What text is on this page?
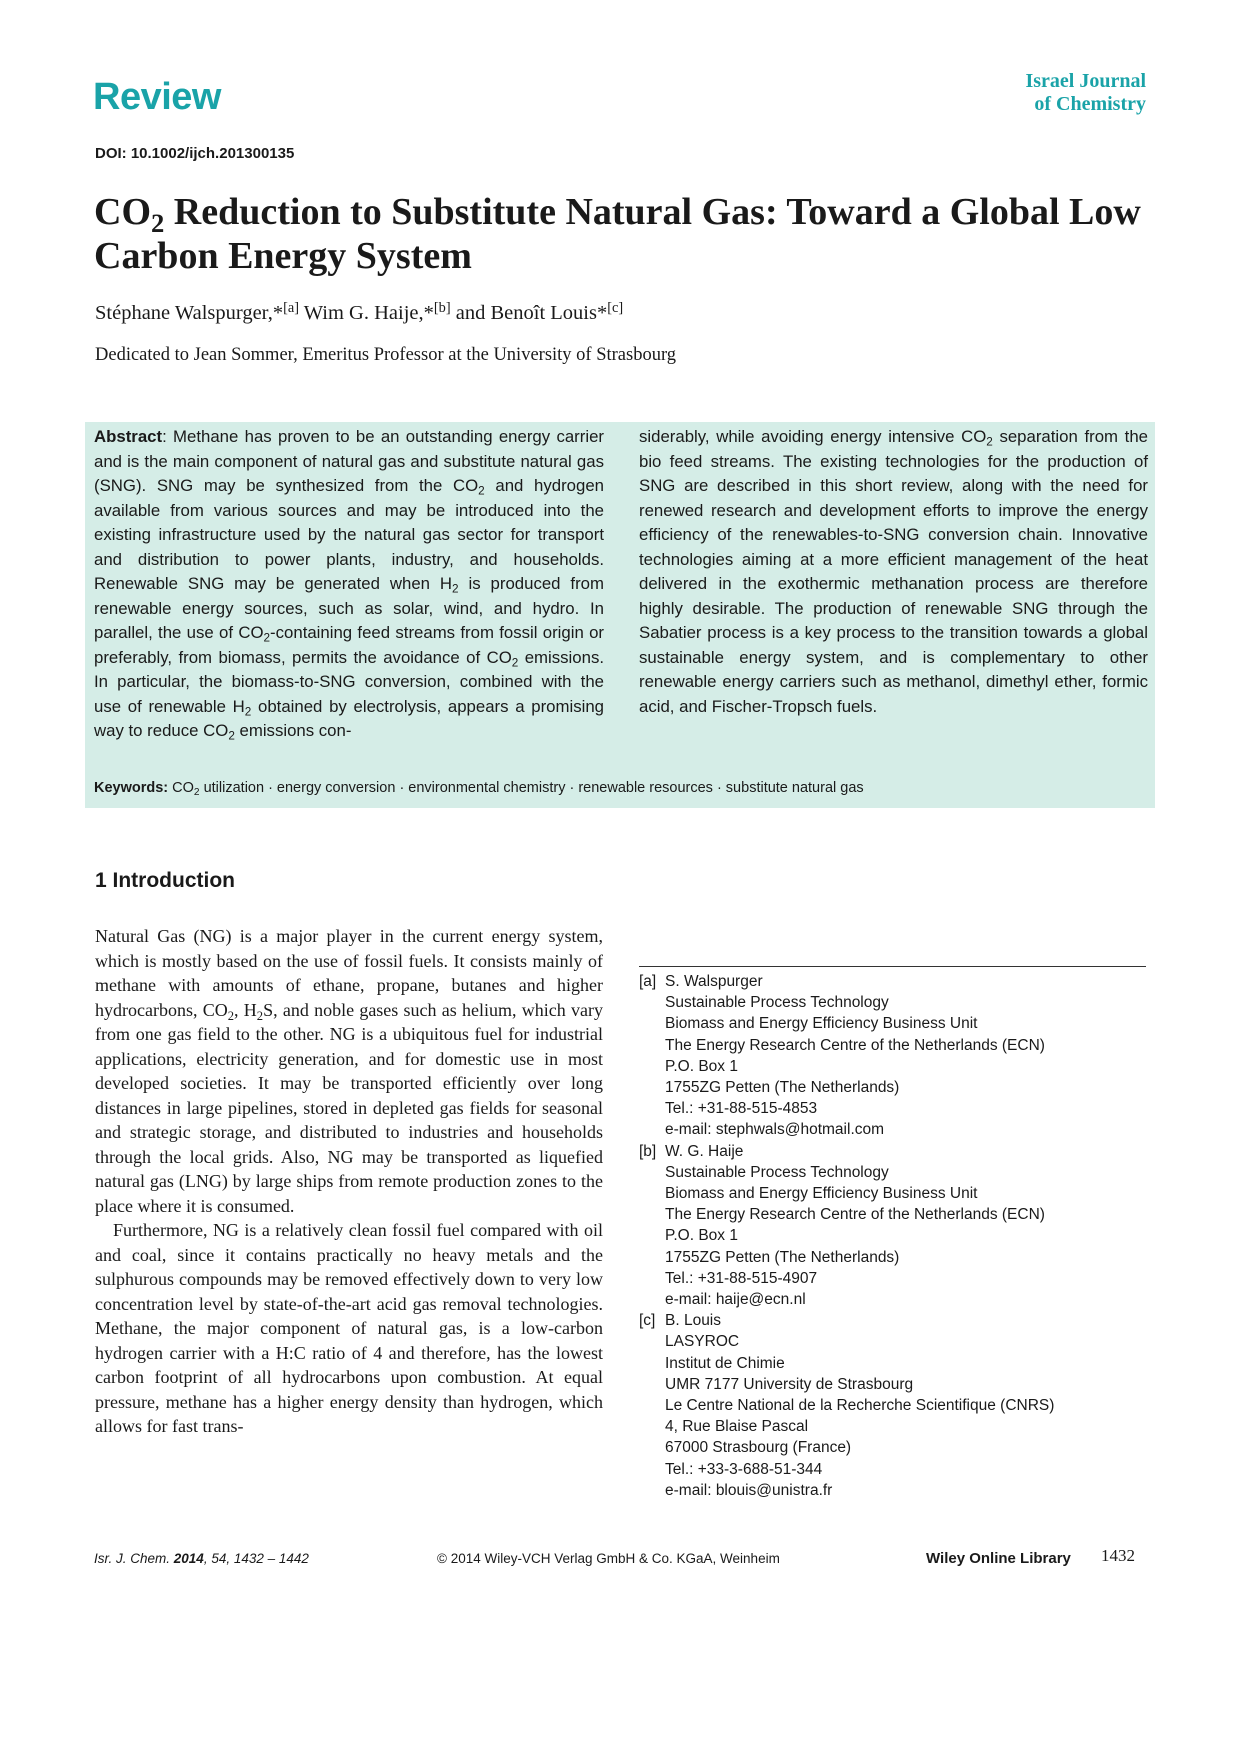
Review	Israel Journal
of Chemistry
DOI: 10.1002/ijch.201300135
$CO_2$ Reduction to Substitute Natural Gas: Toward a Global Low Carbon Energy System
Stéphane Walspurger,*[a] Wim G. Haije,*[b] and Benoît Louis*[c]
Dedicated to Jean Sommer, Emeritus Professor at the University of Strasbourg
Abstract: Methane has proven to be an outstanding energy carrier and is the main component of natural gas and substitute natural gas (SNG). SNG may be synthesized from the $CO_2$ and hydrogen available from various sources and may be introduced into the existing infrastructure used by the natural gas sector for transport and distribution to power plants, industry, and households. Renewable SNG may be generated when $H_2$ is produced from renewable energy sources, such as solar, wind, and hydro. In parallel, the use of $CO_2$-containing feed streams from fossil origin or preferably, from biomass, permits the avoidance of $CO_2$ emissions. In particular, the biomass-to-SNG conversion, combined with the use of renewable $H_2$ obtained by electrolysis, appears a promising way to reduce $CO_2$ emissions con-
siderably, while avoiding energy intensive $CO_2$ separation from the bio feed streams. The existing technologies for the production of SNG are described in this short review, along with the need for renewed research and development efforts to improve the energy efficiency of the renewables-to-SNG conversion chain. Innovative technologies aiming at a more efficient management of the heat delivered in the exothermic methanation process are therefore highly desirable. The production of renewable SNG through the Sabatier process is a key process to the transition towards a global sustainable energy system, and is complementary to other renewable energy carriers such as methanol, dimethyl ether, formic acid, and Fischer-Tropsch fuels.
Keywords: $CO_2$ utilization · energy conversion · environmental chemistry · renewable resources · substitute natural gas
1 Introduction

Natural Gas (NG) is a major player in the current energy system, which is mostly based on the use of fossil fuels. It consists mainly of methane with amounts of ethane, propane, butanes and higher hydrocarbons, $CO_2$, $H_2S$, and noble gases such as helium, which vary from one gas field to the other. NG is a ubiquitous fuel for industrial applications, electricity generation, and for domestic use in most developed societies. It may be transported efficiently over long distances in large pipelines, stored in depleted gas fields for seasonal and strategic storage, and distributed to industries and households through the local grids. Also, NG may be transported as liquefied natural gas (LNG) by large ships from remote production zones to the place where it is consumed.

Furthermore, NG is a relatively clean fossil fuel compared with oil and coal, since it contains practically no heavy metals and the sulphurous compounds may be removed effectively down to very low concentration level by state-of-the-art acid gas removal technologies. Methane, the major component of natural gas, is a low-carbon hydrogen carrier with a H:C ratio of 4 and therefore, has the lowest carbon footprint of all hydrocarbons upon combustion. At equal pressure, methane has a higher energy density than hydrogen, which allows for fast trans-

[a] S. Walspurger
Sustainable Process Technology
Biomass and Energy Efficiency Business Unit
The Energy Research Centre of the Netherlands (ECN)
P.O. Box 1
1755ZG Petten (The Netherlands)
Tel.: +31-88-515-4853
e-mail: stephwals@hotmail.com
[b] W. G. Haije
Sustainable Process Technology
Biomass and Energy Efficiency Business Unit
The Energy Research Centre of the Netherlands (ECN)
P.O. Box 1
1755ZG Petten (The Netherlands)
Tel.: +31-88-515-4907
e-mail: haije@ecn.nl
[c] B. Louis
LASYROC
Institut de Chimie
UMR 7177 University de Strasbourg
Le Centre National de la Recherche Scientifique (CNRS)
4, Rue Blaise Pascal
67000 Strasbourg (France)
Tel.: +33-3-688-51-344
e-mail: blouis@unistra.fr
Isr. J. Chem. 2014, 54, 1432 – 1442	© 2014 Wiley-VCH Verlag GmbH & Co. KGaA, Weinheim	Wiley Online Library 1432
